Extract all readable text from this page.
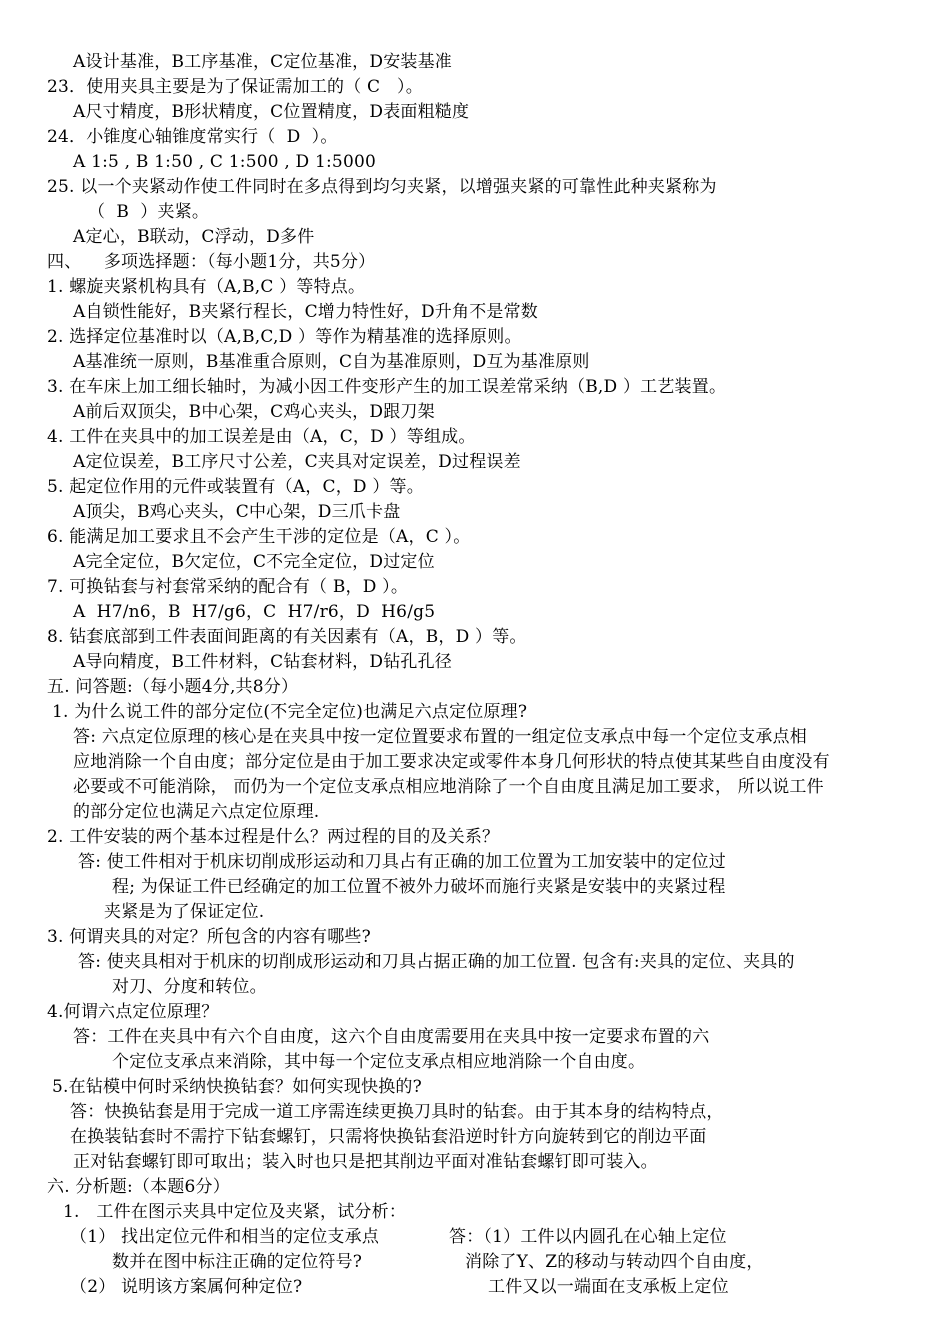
A设计基准，B工序基准，C定位基准，D安装基准
23．使用夹具主要是为了保证需加工的（ C   ）。
A尺寸精度，B形状精度，C位置精度，D表面粗糙度
24．小锥度心轴锥度常实行（  D  ）。
A 1:5 , B 1:50 , C 1:500 , D 1:5000
25. 以一个夹紧动作使工件同时在多点得到均匀夹紧，以增强夹紧的可靠性此种夹紧称为
（  B  ）夹紧。
A定心，B联动，C浮动，D多件
四、    多项选择题：（每小题1分，共5分）
1. 螺旋夹紧机构具有（A,B,C ）等特点。
A自锁性能好，B夹紧行程长，C增力特性好，D升角不是常数
2. 选择定位基准时以（A,B,C,D ）等作为精基准的选择原则。
A基准统一原则，B基准重合原则，C自为基准原则，D互为基准原则
3. 在车床上加工细长轴时，为减小因工件变形产生的加工误差常采纳（B,D ）工艺装置。
A前后双顶尖，B中心架，C鸡心夹头，D跟刀架
4. 工件在夹具中的加工误差是由（A，C，D ）等组成。
A定位误差，B工序尺寸公差，C夹具对定误差，D过程误差
5. 起定位作用的元件或装置有（A，C，D ）等。
A顶尖，B鸡心夹头，C中心架，D三爪卡盘
6. 能满足加工要求且不会产生干涉的定位是（A，C ）。
A完全定位，B欠定位，C不完全定位，D过定位
7. 可换钻套与衬套常采纳的配合有（ B，D ）。
A  H7/n6，B  H7/g6，C  H7/r6，D  H6/g5
8. 钻套底部到工件表面间距离的有关因素有（A，B，D ）等。
A导向精度，B工件材料，C钻套材料，D钻孔孔径
五. 问答题:（每小题4分,共8分）
1. 为什么说工件的部分定位(不完全定位)也满足六点定位原理?
答: 六点定位原理的核心是在夹具中按一定位置要求布置的一组定位支承点中每一个定位支承点相
应地消除一个自由度；部分定位是由于加工要求决定或零件本身几何形状的特点使其某些自由度没有
必要或不可能消除， 而仍为一个定位支承点相应地消除了一个自由度且满足加工要求， 所以说工件
的部分定位也满足六点定位原理.
2. 工件安装的两个基本过程是什么？两过程的目的及关系？
答: 使工件相对于机床切削成形运动和刀具占有正确的加工位置为工加安装中的定位过
程; 为保证工件已经确定的加工位置不被外力破坏而施行夹紧是安装中的夹紧过程
夹紧是为了保证定位.
3. 何谓夹具的对定？所包含的内容有哪些?
答: 使夹具相对于机床的切削成形运动和刀具占据正确的加工位置. 包含有:夹具的定位、夹具的
对刀、分度和转位。
4.何谓六点定位原理？
答：工件在夹具中有六个自由度，这六个自由度需要用在夹具中按一定要求布置的六
个定位支承点来消除，其中每一个定位支承点相应地消除一个自由度。
5.在钻模中何时采纳快换钻套？如何实现快换的?
答：快换钻套是用于完成一道工序需连续更换刀具时的钻套。由于其本身的结构特点，
在换装钻套时不需拧下钻套螺钉，只需将快换钻套沿逆时针方向旋转到它的削边平面
正对钻套螺钉即可取出；装入时也只是把其削边平面对准钻套螺钉即可装入。
六. 分析题:（本题6分）
1.   工件在图示夹具中定位及夹紧，试分析：
（1） 找出定位元件和相当的定位支承点	答：（1）工件以内圆孔在心轴上定位
数并在图中标注正确的定位符号?	消除了Y、Z的移动与转动四个自由度，
（2） 说明该方案属何种定位?	工件又以一端面在支承板上定位
